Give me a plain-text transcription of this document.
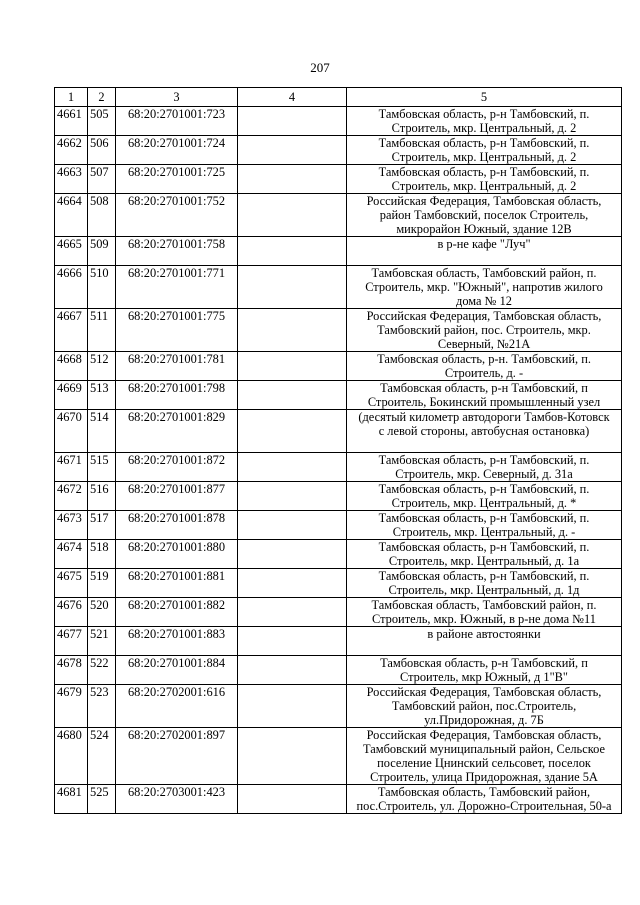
207
1	2	3	4	5
4661	505	68:20:2701001:723		Тамбовская область, р-н Тамбовский, п.
Строитель, мкр. Центральный, д. 2

4662	506	68:20:2701001:724		Тамбовская область, р-н Тамбовский, п.
Строитель, мкр. Центральный, д. 2

4663	507	68:20:2701001:725		Тамбовская область, р-н Тамбовский, п.
Строитель, мкр. Центральный, д. 2

4664	508	68:20:2701001:752		Российская Федерация, Тамбовская область,
район Тамбовский, поселок Строитель,
микрорайон Южный, здание 12В

4665	509	68:20:2701001:758		в р-не кафе "Луч"

4666	510	68:20:2701001:771		Тамбовская область, Тамбовский район, п.
Строитель, мкр. "Южный", напротив жилого
дома № 12

4667	511	68:20:2701001:775		Российская Федерация, Тамбовская область,
Тамбовский район, пос. Строитель, мкр.
Северный, №21А

4668	512	68:20:2701001:781		Тамбовская область, р-н. Тамбовский, п.
Строитель, д. -

4669	513	68:20:2701001:798		Тамбовская область, р-н Тамбовский, п
Строитель, Бокинский промышленный узел

4670	514	68:20:2701001:829		(десятый километр автодороги Тамбов-Котовск
с левой стороны, автобусная остановка)

4671	515	68:20:2701001:872		Тамбовская область, р-н Тамбовский, п.
Строитель, мкр. Северный, д. 31а

4672	516	68:20:2701001:877		Тамбовская область, р-н Тамбовский, п.
Строитель, мкр. Центральный, д. *

4673	517	68:20:2701001:878		Тамбовская область, р-н Тамбовский, п.
Строитель, мкр. Центральный, д. -

4674	518	68:20:2701001:880		Тамбовская область, р-н Тамбовский, п.
Строитель, мкр. Центральный, д. 1а

4675	519	68:20:2701001:881		Тамбовская область, р-н Тамбовский, п.
Строитель, мкр. Центральный, д. 1д

4676	520	68:20:2701001:882		Тамбовская область, Тамбовский район, п.
Строитель, мкр. Южный, в р-не дома №11

4677	521	68:20:2701001:883		в районе автостоянки

4678	522	68:20:2701001:884		Тамбовская область, р-н Тамбовский, п
Строитель, мкр Южный, д 1"В"

4679	523	68:20:2702001:616		Российская Федерация, Тамбовская область,
Тамбовский район, пос.Строитель,
ул.Придорожная, д. 7Б

4680	524	68:20:2702001:897		Российская Федерация, Тамбовская область,
Тамбовский муниципальный район, Сельское
поселение Цнинский сельсовет, поселок
Строитель, улица Придорожная, здание 5А

4681	525	68:20:2703001:423		Тамбовская область, Тамбовский район,
пос.Строитель, ул. Дорожно-Строительная, 50-а
